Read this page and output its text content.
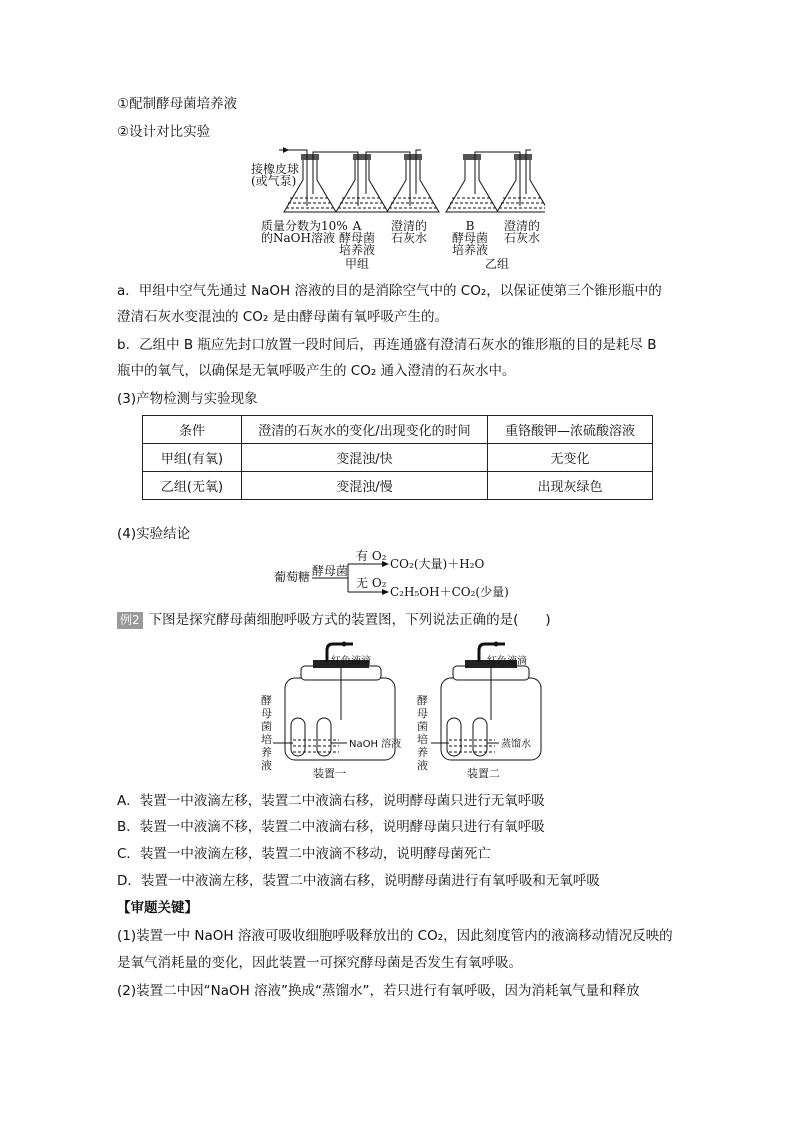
①配制酵母菌培养液
②设计对比实验
接橡皮球
(或气泵)
质量分数为10%
的NaOH溶液
A
酵母菌
培养液
澄清的
石灰水
甲组
B
酵母菌
培养液
澄清的
石灰水
乙组
a．甲组中空气先通过 NaOH 溶液的目的是消除空气中的 CO₂，以保证使第三个锥形瓶中的
澄清石灰水变混浊的 CO₂ 是由酵母菌有氧呼吸产生的。
b．乙组中 B 瓶应先封口放置一段时间后，再连通盛有澄清石灰水的锥形瓶的目的是耗尽 B
瓶中的氧气，以确保是无氧呼吸产生的 CO₂ 通入澄清的石灰水中。
(3)产物检测与实验现象
条件	澄清的石灰水的变化/出现变化的时间	重铬酸钾—浓硫酸溶液
甲组(有氧)	变混浊/快	无变化
乙组(无氧)	变混浊/慢	出现灰绿色
(4)实验结论
葡萄糖 酵母菌
有 O₂
无 O₂
CO₂(大量)＋H₂O
C₂H₅OH＋CO₂(少量)
例2 下图是探究酵母菌细胞呼吸方式的装置图，下列说法正确的是(　　)
红色液滴
NaOH 溶液
酵
母
菌
培
养
液
装置一
红色液滴
蒸馏水
酵
母
菌
培
养
液
装置二
A．装置一中液滴左移，装置二中液滴右移，说明酵母菌只进行无氧呼吸
B．装置一中液滴不移，装置二中液滴右移，说明酵母菌只进行有氧呼吸
C．装置一中液滴左移，装置二中液滴不移动，说明酵母菌死亡
D．装置一中液滴左移，装置二中液滴右移，说明酵母菌进行有氧呼吸和无氧呼吸
【审题关键】
(1)装置一中 NaOH 溶液可吸收细胞呼吸释放出的 CO₂，因此刻度管内的液滴移动情况反映的
是氧气消耗量的变化，因此装置一可探究酵母菌是否发生有氧呼吸。
(2)装置二中因“NaOH 溶液”换成“蒸馏水”，若只进行有氧呼吸，因为消耗氧气量和释放
